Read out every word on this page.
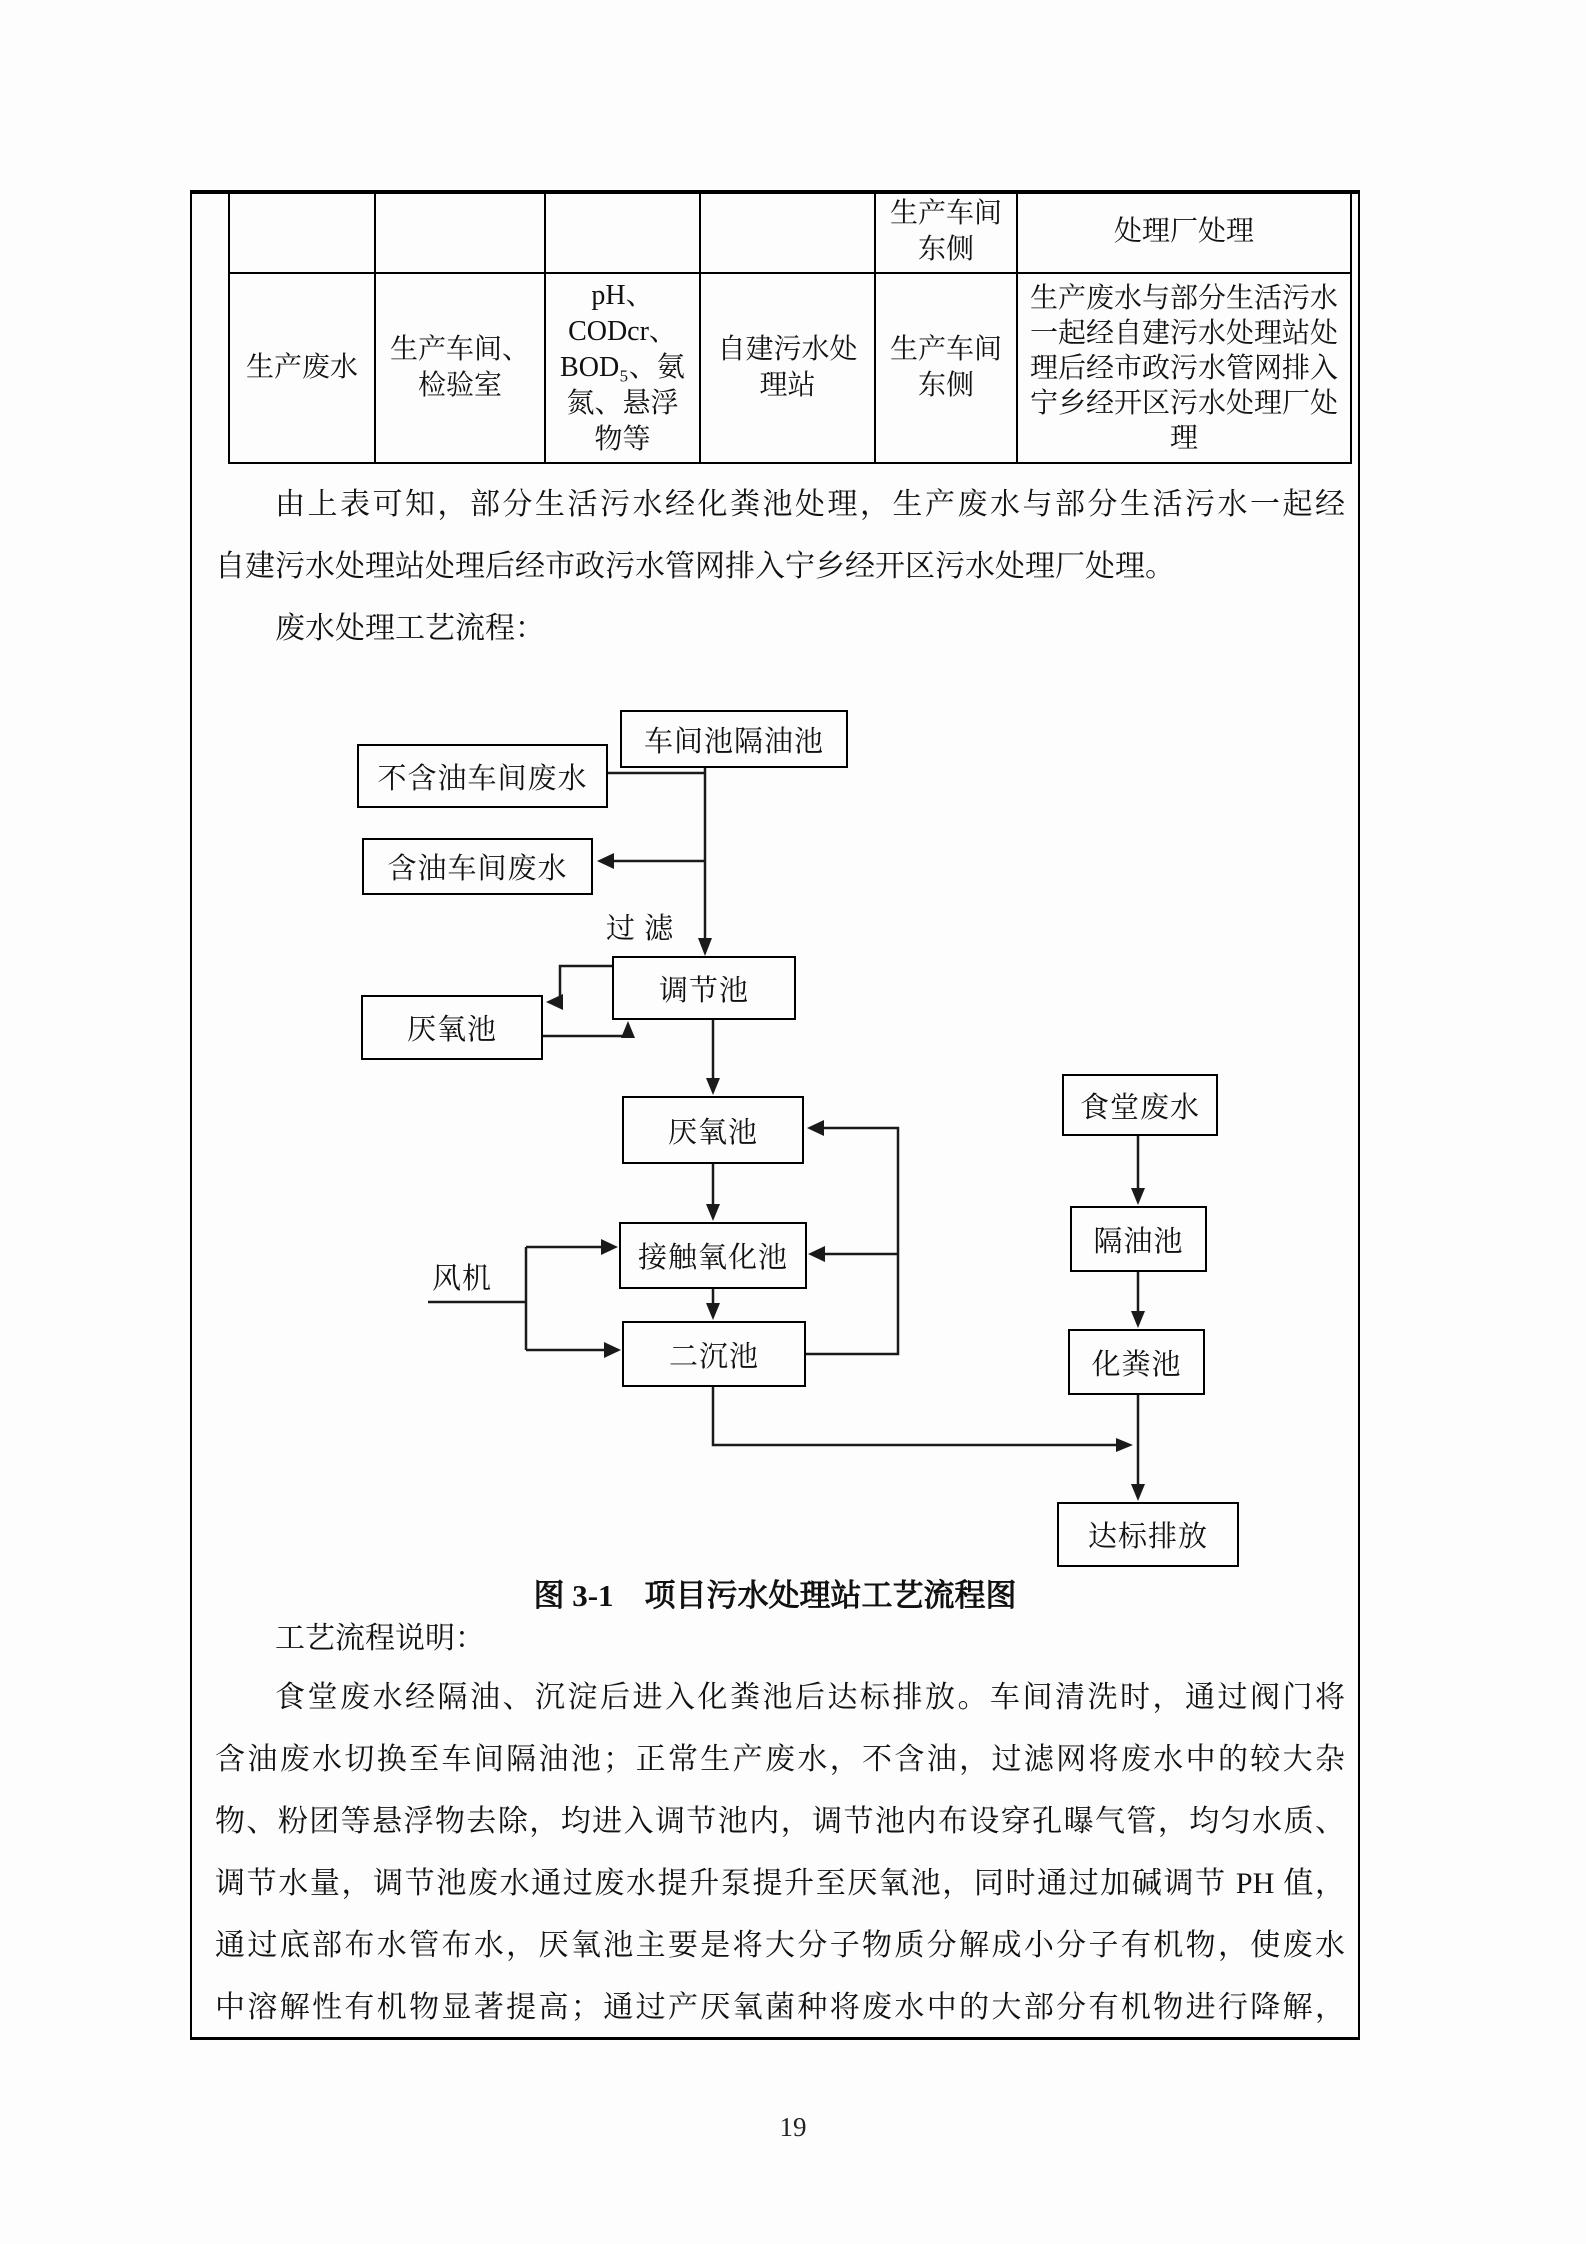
				生产车间东侧	处理厂处理
生产废水	生产车间、检验室	pH、CODcr、BOD₅、氨氮、悬浮物等	自建污水处理站	生产车间东侧	生产废水与部分生活污水一起经自建污水处理站处理后经市政污水管网排入宁乡经开区污水处理厂处理
由上表可知，部分生活污水经化粪池处理，生产废水与部分生活污水一起经
自建污水处理站处理后经市政污水管网排入宁乡经开区污水处理厂处理。
废水处理工艺流程：
车间池隔油池
不含油车间废水
含油车间废水
过 滤
调节池
厌氧池
厌氧池
食堂废水
接触氧化池
隔油池
风机
二沉池	化粪池
达标排放
图 3-1　项目污水处理站工艺流程图
工艺流程说明：
食堂废水经隔油、沉淀后进入化粪池后达标排放。车间清洗时，通过阀门将
含油废水切换至车间隔油池；正常生产废水，不含油，过滤网将废水中的较大杂
物、粉团等悬浮物去除，均进入调节池内，调节池内布设穿孔曝气管，均匀水质、
调节水量，调节池废水通过废水提升泵提升至厌氧池，同时通过加碱调节 PH 值，
通过底部布水管布水，厌氧池主要是将大分子物质分解成小分子有机物，使废水
中溶解性有机物显著提高；通过产厌氧菌种将废水中的大部分有机物进行降解，
19
